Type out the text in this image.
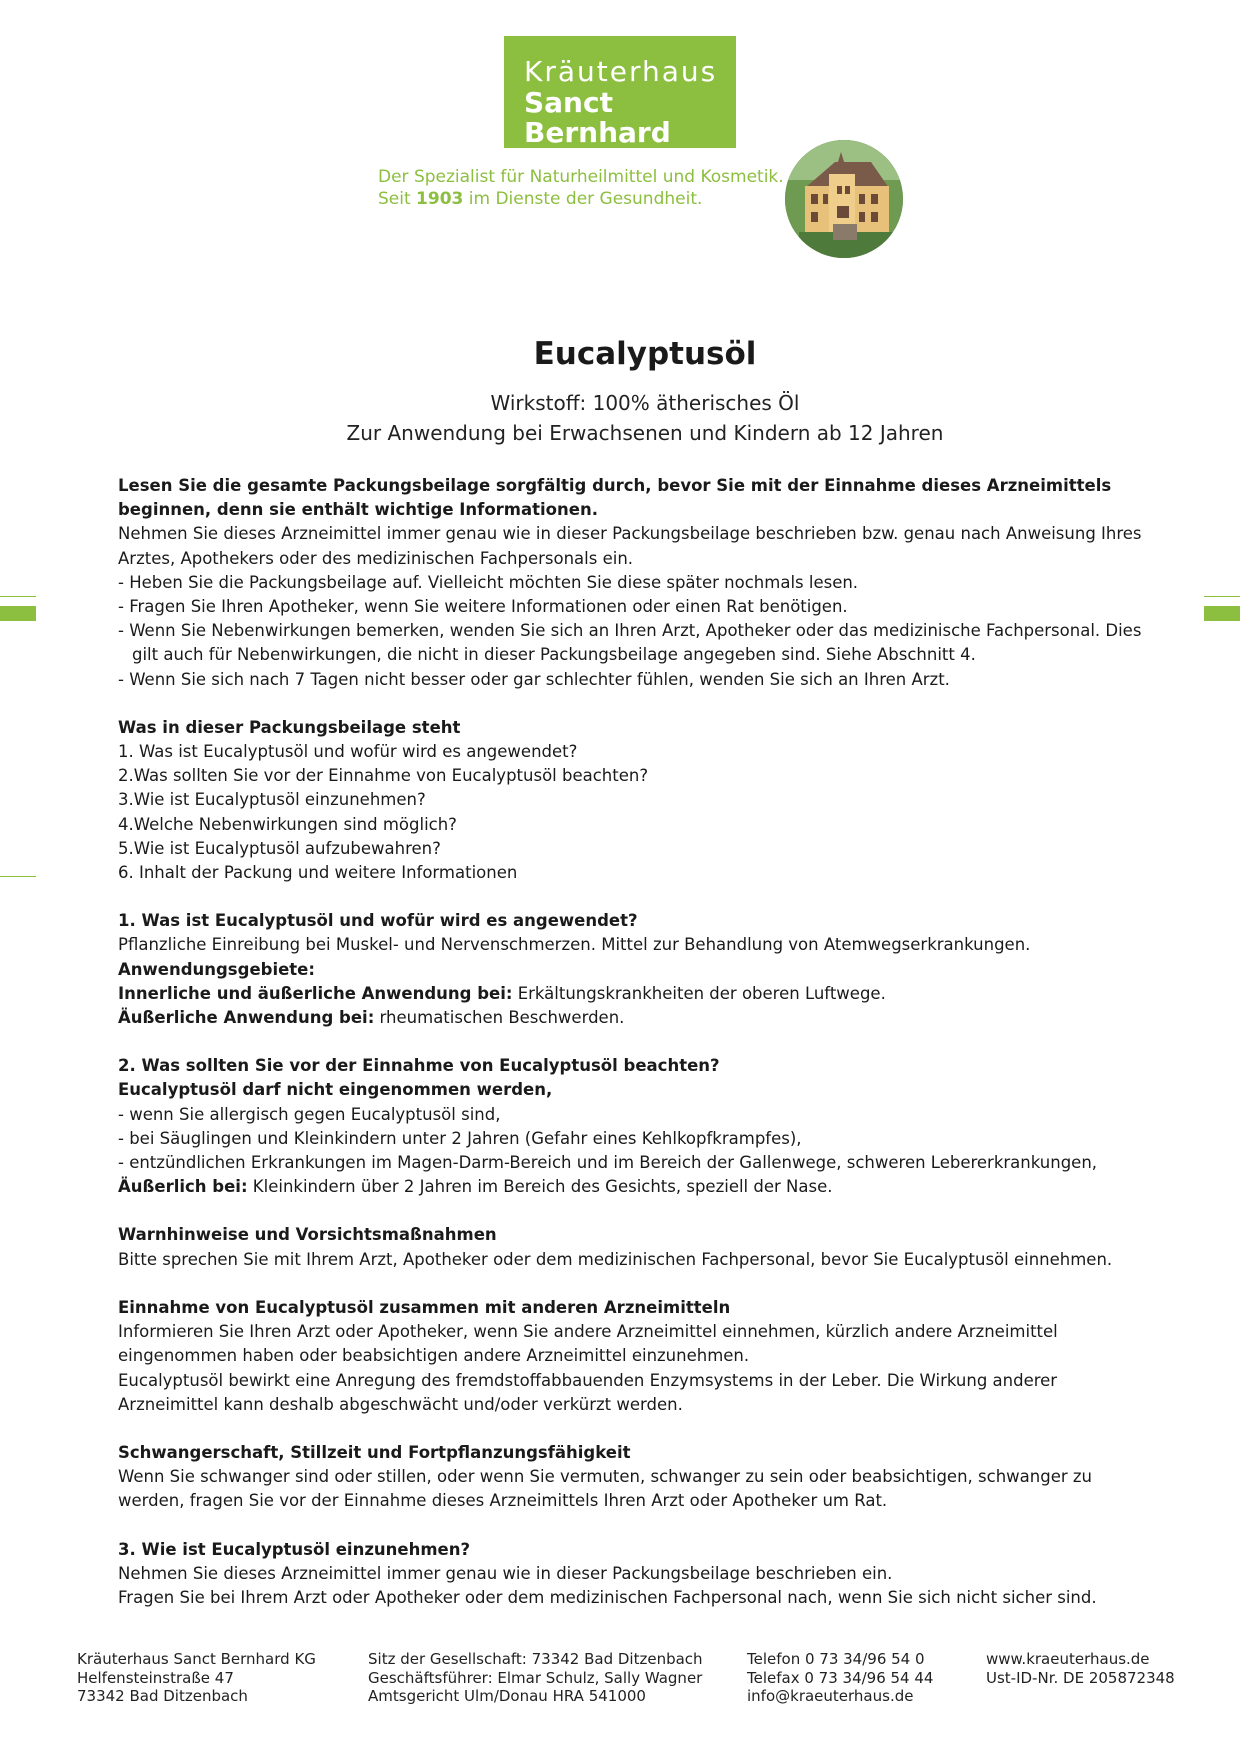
Kräuterhaus
Sanct Bernhard
Der Spezialist für Naturheilmittel und Kosmetik.
Seit 1903 im Dienste der Gesundheit.
Eucalyptusöl
Wirkstoff: 100% ätherisches Öl
Zur Anwendung bei Erwachsenen und Kindern ab 12 Jahren

Lesen Sie die gesamte Packungsbeilage sorgfältig durch, bevor Sie mit der Einnahme dieses Arzneimittels beginnen, denn sie enthält wichtige Informationen.

Nehmen Sie dieses Arzneimittel immer genau wie in dieser Packungsbeilage beschrieben bzw. genau nach Anweisung Ihres Arztes, Apothekers oder des medizinischen Fachpersonals ein.

- Heben Sie die Packungsbeilage auf. Vielleicht möchten Sie diese später nochmals lesen.

- Fragen Sie Ihren Apotheker, wenn Sie weitere Informationen oder einen Rat benötigen.

- Wenn Sie Nebenwirkungen bemerken, wenden Sie sich an Ihren Arzt, Apotheker oder das medizinische Fachpersonal. Dies gilt auch für Nebenwirkungen, die nicht in dieser Packungsbeilage angegeben sind. Siehe Abschnitt 4.

- Wenn Sie sich nach 7 Tagen nicht besser oder gar schlechter fühlen, wenden Sie sich an Ihren Arzt.

Was in dieser Packungsbeilage steht

1. Was ist Eucalyptusöl und wofür wird es angewendet?

2.Was sollten Sie vor der Einnahme von Eucalyptusöl beachten?

3.Wie ist Eucalyptusöl einzunehmen?

4.Welche Nebenwirkungen sind möglich?

5.Wie ist Eucalyptusöl aufzubewahren?

6. Inhalt der Packung und weitere Informationen

1. Was ist Eucalyptusöl und wofür wird es angewendet?

Pflanzliche Einreibung bei Muskel- und Nervenschmerzen. Mittel zur Behandlung von Atemwegserkrankungen.

Anwendungsgebiete:

Innerliche und äußerliche Anwendung bei: Erkältungskrankheiten der oberen Luftwege.

Äußerliche Anwendung bei: rheumatischen Beschwerden.

2. Was sollten Sie vor der Einnahme von Eucalyptusöl beachten?

Eucalyptusöl darf nicht eingenommen werden,

- wenn Sie allergisch gegen Eucalyptusöl sind,

- bei Säuglingen und Kleinkindern unter 2 Jahren (Gefahr eines Kehlkopfkrampfes),

- entzündlichen Erkrankungen im Magen-Darm-Bereich und im Bereich der Gallenwege, schweren Lebererkrankungen,

Äußerlich bei: Kleinkindern über 2 Jahren im Bereich des Gesichts, speziell der Nase.

Warnhinweise und Vorsichtsmaßnahmen

Bitte sprechen Sie mit Ihrem Arzt, Apotheker oder dem medizinischen Fachpersonal, bevor Sie Eucalyptusöl einnehmen.

Einnahme von Eucalyptusöl zusammen mit anderen Arzneimitteln

Informieren Sie Ihren Arzt oder Apotheker, wenn Sie andere Arzneimittel einnehmen, kürzlich andere Arzneimittel eingenommen haben oder beabsichtigen andere Arzneimittel einzunehmen.

Eucalyptusöl bewirkt eine Anregung des fremdstoffabbauenden Enzymsystems in der Leber. Die Wirkung anderer Arzneimittel kann deshalb abgeschwächt und/oder verkürzt werden.

Schwangerschaft, Stillzeit und Fortpflanzungsfähigkeit

Wenn Sie schwanger sind oder stillen, oder wenn Sie vermuten, schwanger zu sein oder beabsichtigen, schwanger zu werden, fragen Sie vor der Einnahme dieses Arzneimittels Ihren Arzt oder Apotheker um Rat.

3. Wie ist Eucalyptusöl einzunehmen?

Nehmen Sie dieses Arzneimittel immer genau wie in dieser Packungsbeilage beschrieben ein.

Fragen Sie bei Ihrem Arzt oder Apotheker oder dem medizinischen Fachpersonal nach, wenn Sie sich nicht sicher sind.

Kräuterhaus Sanct Bernhard KG
Helfensteinstraße 47
73342 Bad Ditzenbach
Sitz der Gesellschaft: 73342 Bad Ditzenbach
Geschäftsführer: Elmar Schulz, Sally Wagner
Amtsgericht Ulm/Donau HRA 541000
Telefon 0 73 34/96 54 0
Telefax 0 73 34/96 54 44
info@kraeuterhaus.de
www.kraeuterhaus.de
Ust-ID-Nr. DE 205872348
